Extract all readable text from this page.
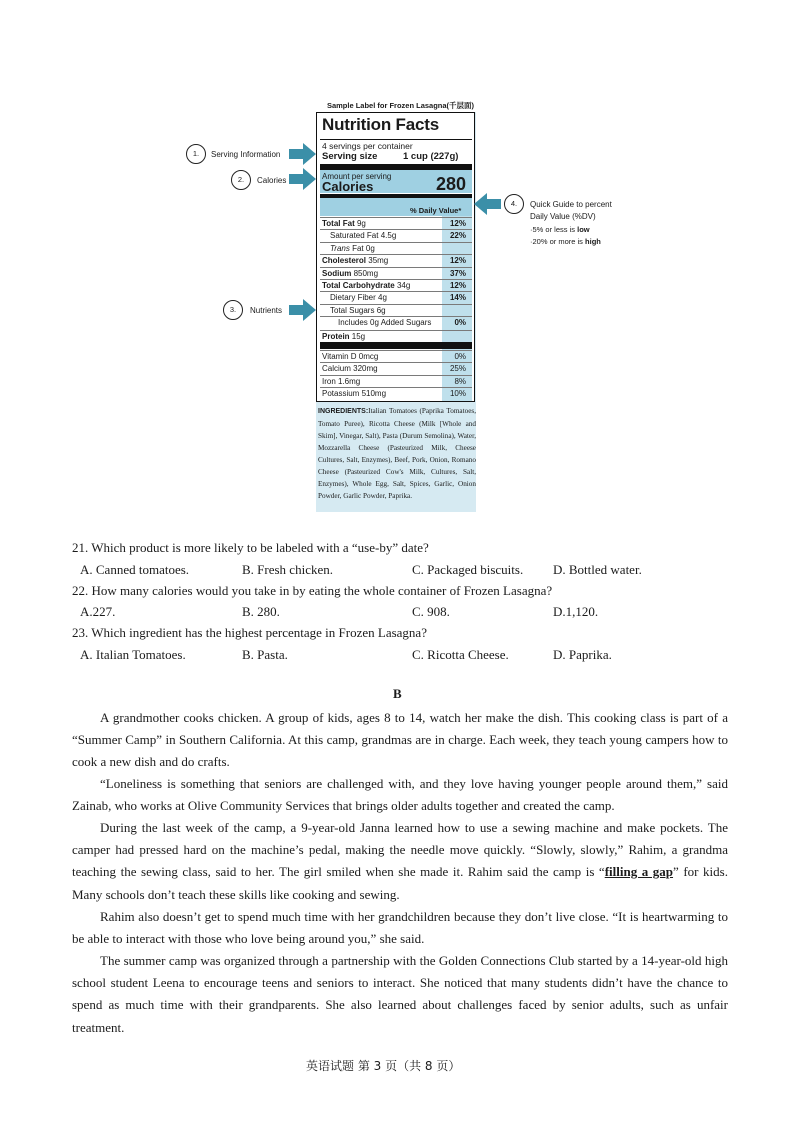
Sample Label for Frozen Lasagna(千层面)
Nutrition Facts
4 servings per container
Serving size	1 cup (227g)
Amount per serving
Calories	280
% Daily Value*
Total Fat 9g	12%
Saturated Fat 4.5g	22%
Trans Fat 0g
Cholesterol 35mg	12%
Sodium 850mg	37%
Total Carbohydrate 34g	12%
Dietary Fiber 4g	14%
Total Sugars 6g
Includes 0g Added Sugars	0%
Protein 15g
Vitamin D 0mcg	0%
Calcium 320mg	25%
Iron 1.6mg	8%
Potassium 510mg	10%
INGREDIENTS:Italian Tomatoes (Paprika Tomatoes, Tomato Puree), Ricotta Cheese (Milk [Whole and Skim], Vinegar, Salt), Pasta (Durum Semolina), Water, Mozzarella Cheese (Pasteurized Milk, Cheese Cultures, Salt, Enzymes), Beef, Pork, Onion, Romano Cheese (Pasteurized Cow's Milk, Cultures, Salt, Enzymes), Whole Egg, Salt, Spices, Garlic, Onion Powder, Garlic Powder, Paprika.
1.	Serving Information
2.	Calories
3.	Nutrients
4.	Quick Guide to percent
Daily Value (%DV)
·5% or less is low
·20% or more is high
21. Which product is more likely to be labeled with a “use-by” date?
A. Canned tomatoes.	B. Fresh chicken.	C. Packaged biscuits. D. Bottled water.
22. How many calories would you take in by eating the whole container of Frozen Lasagna?
A.227.	B. 280.	C. 908.	D.1,120.
23. Which ingredient has the highest percentage in Frozen Lasagna?
A. Italian Tomatoes.	B. Pasta.	C. Ricotta Cheese.	D. Paprika.
B
A grandmother cooks chicken. A group of kids, ages 8 to 14, watch her make the dish. This cooking class is part of a “Summer Camp” in Southern California. At this camp, grandmas are in charge. Each week, they teach young campers how to cook a new dish and do crafts.
“Loneliness is something that seniors are challenged with, and they love having younger people around them,” said Zainab, who works at Olive Community Services that brings older adults together and created the camp.
During the last week of the camp, a 9-year-old Janna learned how to use a sewing machine and make pockets. The camper had pressed hard on the machine’s pedal, making the needle move quickly. “Slowly, slowly,” Rahim, a grandma teaching the sewing class, said to her. The girl smiled when she made it. Rahim said the camp is “filling a gap” for kids. Many schools don’t teach these skills like cooking and sewing.
Rahim also doesn’t get to spend much time with her grandchildren because they don’t live close. “It is heartwarming to be able to interact with those who love being around you,” she said.
The summer camp was organized through a partnership with the Golden Connections Club started by a 14-year-old high school student Leena to encourage teens and seniors to interact. She noticed that many students didn’t have the chance to spend as much time with their grandparents. She also learned about challenges faced by senior adults, such as unfair treatment.
英语试题 第 3 页（共 8 页）
